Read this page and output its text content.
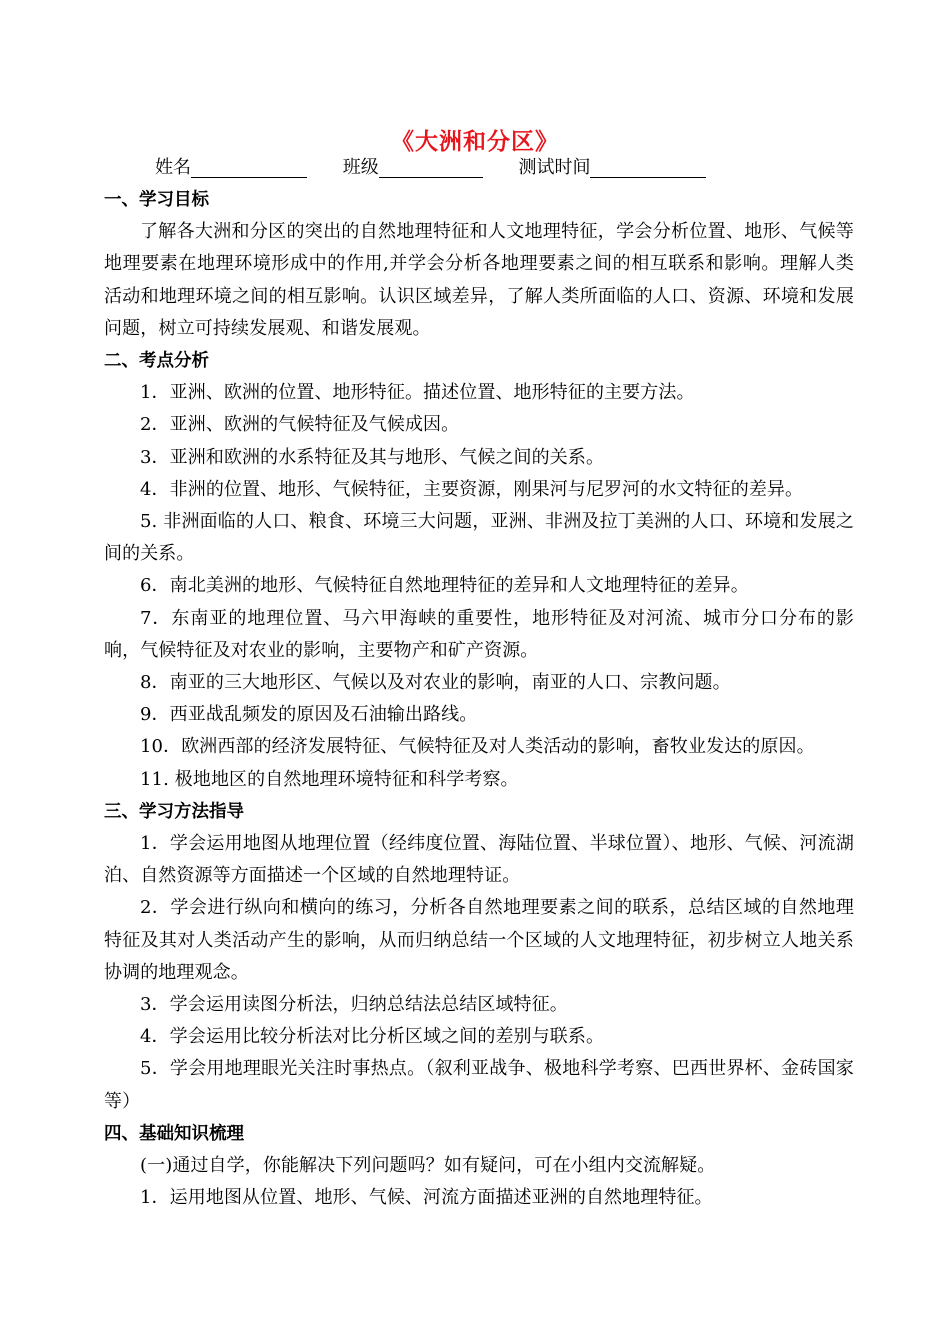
《大洲和分区》
姓名	班级	测试时间
一、学习目标

了解各大洲和分区的突出的自然地理特征和人文地理特征，学会分析位置、地形、气候等地理要素在地理环境形成中的作用,并学会分析各地理要素之间的相互联系和影响。理解人类活动和地理环境之间的相互影响。认识区域差异，了解人类所面临的人口、资源、环境和发展问题，树立可持续发展观、和谐发展观。

二、考点分析

1．亚洲、欧洲的位置、地形特征。描述位置、地形特征的主要方法。

2．亚洲、欧洲的气候特征及气候成因。

3．亚洲和欧洲的水系特征及其与地形、气候之间的关系。

4．非洲的位置、地形、气候特征，主要资源，刚果河与尼罗河的水文特征的差异。

5. 非洲面临的人口、粮食、环境三大问题，亚洲、非洲及拉丁美洲的人口、环境和发展之间的关系。

6．南北美洲的地形、气候特征自然地理特征的差异和人文地理特征的差异。

7．东南亚的地理位置、马六甲海峡的重要性，地形特征及对河流、城市分口分布的影响，气候特征及对农业的影响，主要物产和矿产资源。

8．南亚的三大地形区、气候以及对农业的影响，南亚的人口、宗教问题。

9．西亚战乱频发的原因及石油输出路线。

10．欧洲西部的经济发展特征、气候特征及对人类活动的影响，畜牧业发达的原因。

11. 极地地区的自然地理环境特征和科学考察。

三、学习方法指导

1．学会运用地图从地理位置（经纬度位置、海陆位置、半球位置）、地形、气候、河流湖泊、自然资源等方面描述一个区域的自然地理特证。

2．学会进行纵向和横向的练习，分析各自然地理要素之间的联系，总结区域的自然地理特征及其对人类活动产生的影响，从而归纳总结一个区域的人文地理特征，初步树立人地关系协调的地理观念。

3．学会运用读图分析法，归纳总结法总结区域特征。

4．学会运用比较分析法对比分析区域之间的差别与联系。

5．学会用地理眼光关注时事热点。（叙利亚战争、极地科学考察、巴西世界杯、金砖国家等）

四、基础知识梳理

(一)通过自学，你能解决下列问题吗？如有疑问，可在小组内交流解疑。

1．运用地图从位置、地形、气候、河流方面描述亚洲的自然地理特征。
